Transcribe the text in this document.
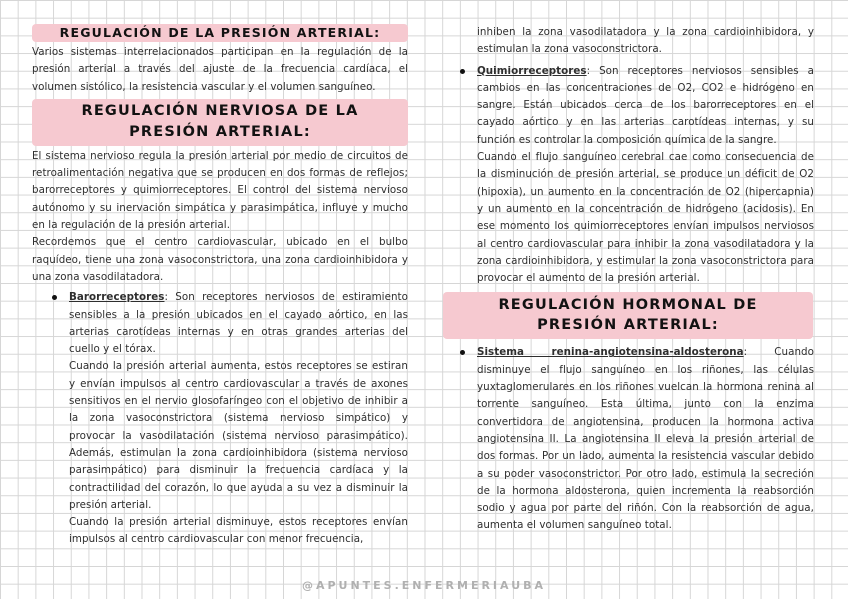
REGULACIÓN DE LA PRESIÓN ARTERIAL:

Varios sistemas interrelacionados participan en la regulación de la presión arterial a través del ajuste de la frecuencia cardíaca, el volumen sistólico, la resistencia vascular y el volumen sanguíneo.

REGULACIÓN NERVIOSA DE LA PRESIÓN ARTERIAL:

El sistema nervioso regula la presión arterial por medio de circuitos de retroalimentación negativa que se producen en dos formas de reflejos; barorreceptores y quimiorreceptores. El control del sistema nervioso autónomo y su inervación simpática y parasimpática, influye y mucho en la regulación de la presión arterial.

Recordemos que el centro cardiovascular, ubicado en el bulbo raquídeo, tiene una zona vasoconstrictora, una zona cardioinhibidora y una zona vasodilatadora.

Barorreceptores: Son receptores nerviosos de estiramiento sensibles a la presión ubicados en el cayado aórtico, en las arterias carotídeas internas y en otras grandes arterias del cuello y el tórax.

Cuando la presión arterial aumenta, estos receptores se estiran y envían impulsos al centro cardiovascular a través de axones sensitivos en el nervio glosofaríngeo con el objetivo de inhibir a la zona vasoconstrictora (sistema nervioso simpático) y provocar la vasodilatación (sistema nervioso parasimpático). Además, estimulan la zona cardioinhibidora (sistema nervioso parasimpático) para disminuir la frecuencia cardíaca y la contractilidad del corazón, lo que ayuda a su vez a disminuir la presión arterial.

Cuando la presión arterial disminuye, estos receptores envían impulsos al centro cardiovascular con menor frecuencia,

inhiben la zona vasodilatadora y la zona cardioinhibidora, y estimulan la zona vasoconstrictora.

Quimiorreceptores: Son receptores nerviosos sensibles a cambios en las concentraciones de O2, CO2 e hidrógeno en sangre. Están ubicados cerca de los barorreceptores en el cayado aórtico y en las arterias carotídeas internas, y su función es controlar la composición química de la sangre.

Cuando el flujo sanguíneo cerebral cae como consecuencia de la disminución de presión arterial, se produce un déficit de O2 (hipoxia), un aumento en la concentración de O2 (hipercapnia) y un aumento en la concentración de hidrógeno (acidosis). En ese momento los quimiorreceptores envían impulsos nerviosos al centro cardiovascular para inhibir la zona vasodilatadora y la zona cardioinhibidora, y estimular la zona vasoconstrictora para provocar el aumento de la presión arterial.

REGULACIÓN HORMONAL DE PRESIÓN ARTERIAL:

Sistema renina-angiotensina-aldosterona: Cuando disminuye el flujo sanguíneo en los riñones, las células yuxtaglomerulares en los riñones vuelcan la hormona renina al torrente sanguíneo. Esta última, junto con la enzima convertidora de angiotensina, producen la hormona activa angiotensina II. La angiotensina II eleva la presión arterial de dos formas. Por un lado, aumenta la resistencia vascular debido a su poder vasoconstrictor. Por otro lado, estimula la secreción de la hormona aldosterona, quien incrementa la reabsorción sodio y agua por parte del riñón. Con la reabsorción de agua, aumenta el volumen sanguíneo total.

@APUNTES.ENFERMERIAUBA
